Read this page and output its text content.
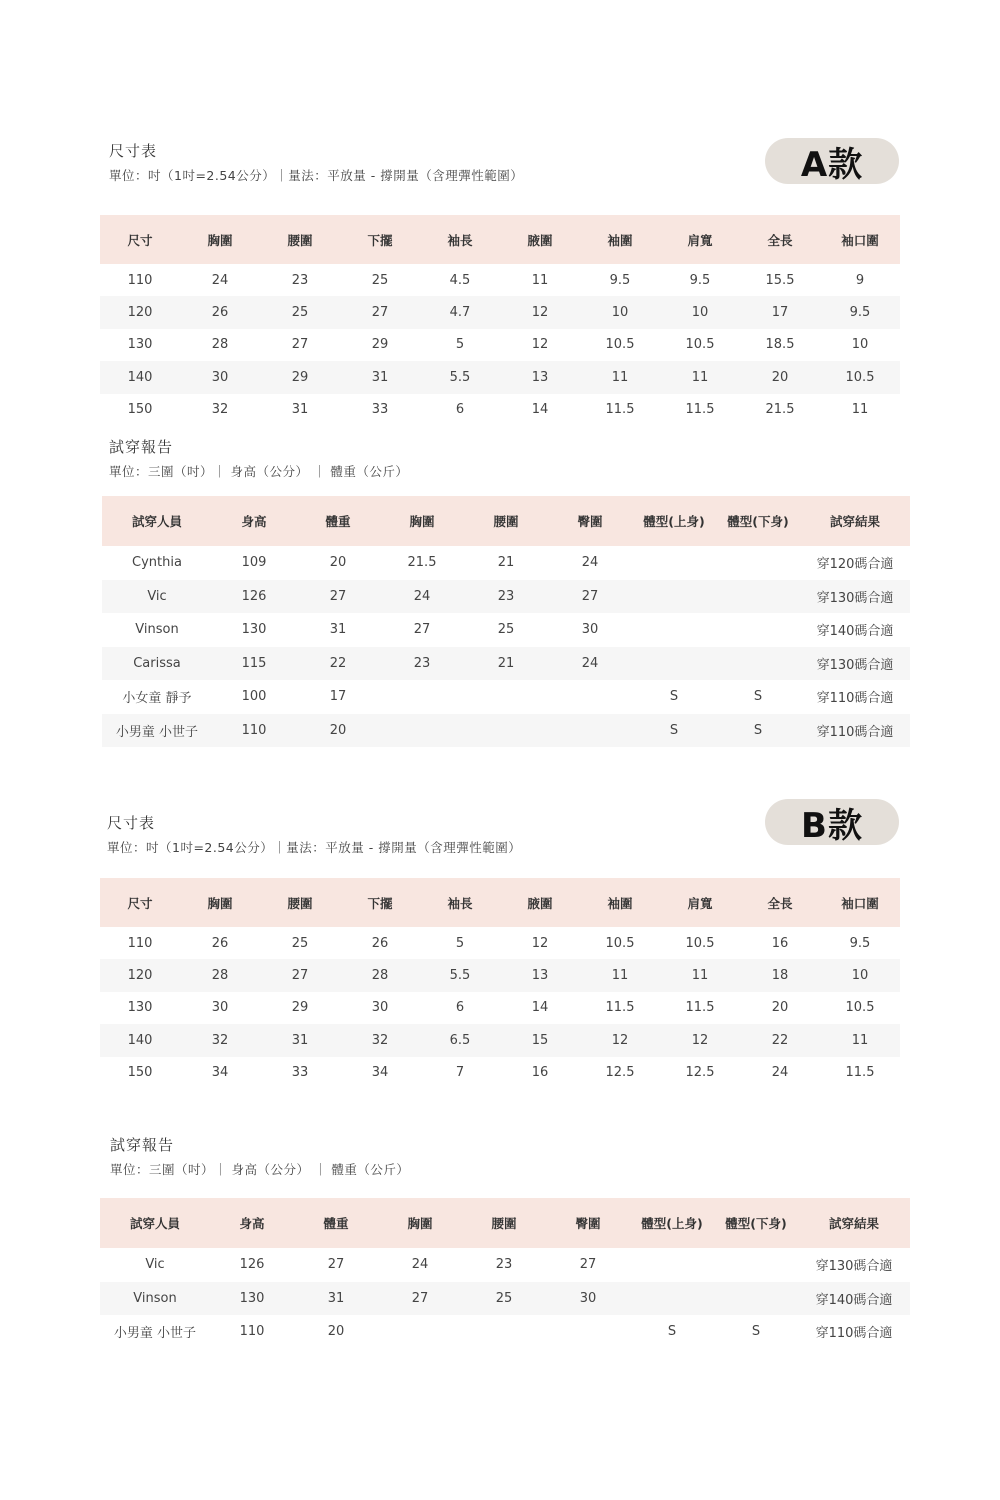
尺寸表
單位：吋（1吋=2.54公分）｜量法：平放量 - 撐開量（含理彈性範圍）	A款
尺寸	胸圍	腰圍	下擺	袖長	腋圍	袖圍	肩寬	全長	袖口圍
110	24	23	25	4.5	11	9.5	9.5	15.5	9
120	26	25	27	4.7	12	10	10	17	9.5
130	28	27	29	5	12	10.5	10.5	18.5	10
140	30	29	31	5.5	13	11	11	20	10.5
150	32	31	33	6	14	11.5	11.5	21.5	11
試穿報告
單位：三圍（吋）｜ 身高（公分） ｜ 體重（公斤）
試穿人員	身高	體重	胸圍	腰圍	臀圍	體型(上身)	體型(下身)	試穿結果
Cynthia	109	20	21.5	21	24			穿120碼合適
Vic	126	27	24	23	27			穿130碼合適
Vinson	130	31	27	25	30			穿140碼合適
Carissa	115	22	23	21	24			穿130碼合適
小女童 靜予	100	17				S	S	穿110碼合適
小男童 小世子	110	20				S	S	穿110碼合適
尺寸表
單位：吋（1吋=2.54公分）｜量法：平放量 - 撐開量（含理彈性範圍）
B款
尺寸	胸圍	腰圍	下擺	袖長	腋圍	袖圍	肩寬	全長	袖口圍
110	26	25	26	5	12	10.5	10.5	16	9.5
120	28	27	28	5.5	13	11	11	18	10
130	30	29	30	6	14	11.5	11.5	20	10.5
140	32	31	32	6.5	15	12	12	22	11
150	34	33	34	7	16	12.5	12.5	24	11.5
試穿報告
單位：三圍（吋）｜ 身高（公分） ｜ 體重（公斤）
試穿人員	身高	體重	胸圍	腰圍	臀圍	體型(上身)	體型(下身)	試穿結果
Vic	126	27	24	23	27			穿130碼合適
Vinson	130	31	27	25	30			穿140碼合適
小男童 小世子	110	20				S	S	穿110碼合適
